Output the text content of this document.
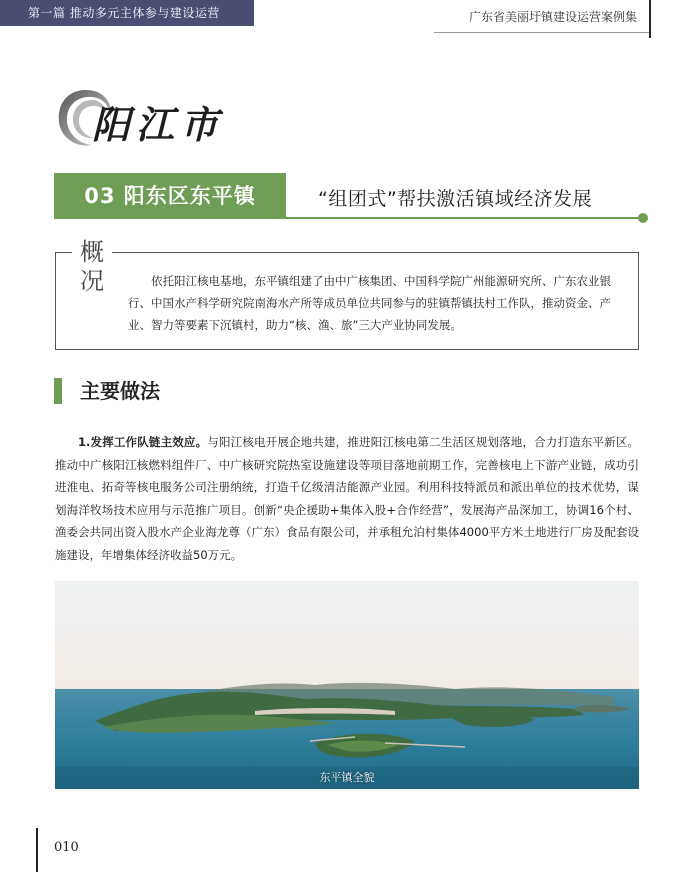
第一篇 推动多元主体参与建设运营	广东省美丽圩镇建设运营案例集
阳江市
03 阳东区东平镇	“组团式”帮扶激活镇域经济发展
概
况	依托阳江核电基地，东平镇组建了由中广核集团、中国科学院广州能源研究所、广东农业银行、中国水产科学研究院南海水产所等成员单位共同参与的驻镇帮镇扶村工作队，推动资金、产业、智力等要素下沉镇村，助力“核、渔、旅”三大产业协同发展。
主要做法
1.发挥工作队链主效应。与阳江核电开展企地共建，推进阳江核电第二生活区规划落地，合力打造东平新区。推动中广核阳江核燃料组件厂、中广核研究院热室设施建设等项目落地前期工作，完善核电上下游产业链，成功引进淮电、拓奇等核电服务公司注册纳统，打造千亿级清洁能源产业园。利用科技特派员和派出单位的技术优势，谋划海洋牧场技术应用与示范推广项目。创新“央企援助+集体入股+合作经营”，发展海产品深加工，协调16个村、渔委会共同出资入股水产企业海龙尊（广东）食品有限公司，并承租允泊村集体4000平方米土地进行厂房及配套设施建设，年增集体经济收益50万元。
东平镇全貌
010
